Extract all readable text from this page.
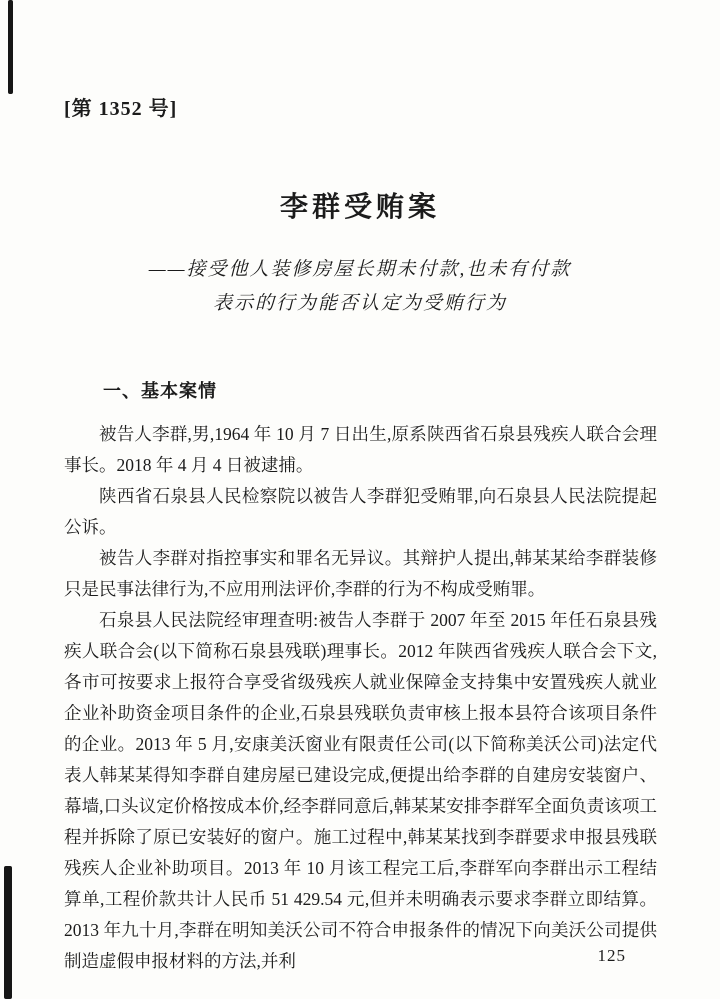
[第 1352 号]

李群受贿案
——接受他人装修房屋长期未付款,也未有付款
表示的行为能否认定为受贿行为
一、基本案情

被告人李群,男,1964 年 10 月 7 日出生,原系陕西省石泉县残疾人联合会理事长。2018 年 4 月 4 日被逮捕。

陕西省石泉县人民检察院以被告人李群犯受贿罪,向石泉县人民法院提起公诉。

被告人李群对指控事实和罪名无异议。其辩护人提出,韩某某给李群装修只是民事法律行为,不应用刑法评价,李群的行为不构成受贿罪。

石泉县人民法院经审理查明:被告人李群于 2007 年至 2015 年任石泉县残疾人联合会(以下简称石泉县残联)理事长。2012 年陕西省残疾人联合会下文,各市可按要求上报符合享受省级残疾人就业保障金支持集中安置残疾人就业企业补助资金项目条件的企业,石泉县残联负责审核上报本县符合该项目条件的企业。2013 年 5 月,安康美沃窗业有限责任公司(以下简称美沃公司)法定代表人韩某某得知李群自建房屋已建设完成,便提出给李群的自建房安装窗户、幕墙,口头议定价格按成本价,经李群同意后,韩某某安排李群军全面负责该项工程并拆除了原已安装好的窗户。施工过程中,韩某某找到李群要求申报县残联残疾人企业补助项目。2013 年 10 月该工程完工后,李群军向李群出示工程结算单,工程价款共计人民币 51 429.54 元,但并未明确表示要求李群立即结算。2013 年九十月,李群在明知美沃公司不符合申报条件的情况下向美沃公司提供制造虚假申报材料的方法,并利	125
